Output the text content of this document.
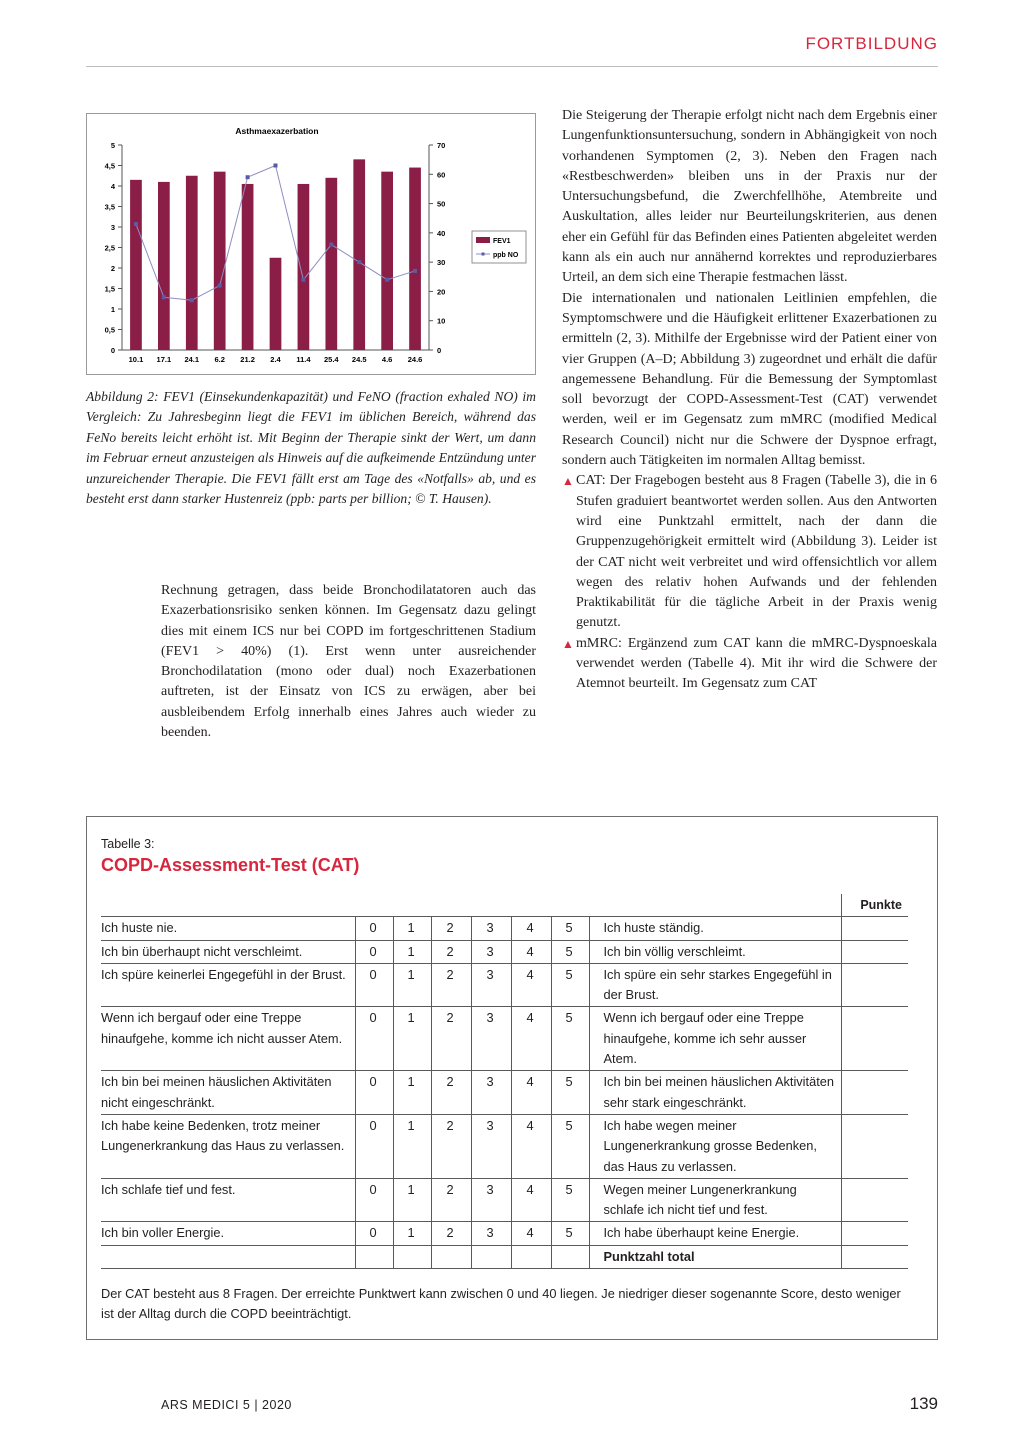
FORTBILDUNG
Asthmaexazerbation
0
0,5
1
1,5
2
2,5
3
3,5
4
4,5
5
0
10
20
30
40
50
60
70
10.1 17.1 24.1 6.2 21.2 2.4 11.4 25.4 24.5 4.6 24.6
FEV1
ppb NO

Abbildung 2: FEV1 (Einsekundenkapazität) und FeNO (fraction exhaled NO) im Vergleich: Zu Jahresbeginn liegt die FEV1 im üblichen Bereich, während das FeNo bereits leicht erhöht ist. Mit Beginn der Therapie sinkt der Wert, um dann im Februar erneut anzusteigen als Hinweis auf die aufkeimende Entzündung unter unzureichender Therapie. Die FEV1 fällt erst am Tage des «Notfalls» ab, und es besteht erst dann starker Hustenreiz (ppb: parts per billion; © T. Hausen).

Rechnung getragen, dass beide Bronchodilatatoren auch das Exazerbationsrisiko senken können. Im Gegensatz dazu gelingt dies mit einem ICS nur bei COPD im fortgeschrittenen Stadium (FEV1 > 40%) (1). Erst wenn unter ausreichender Bronchodilatation (mono oder dual) noch Exazerbationen auftreten, ist der Einsatz von ICS zu erwägen, aber bei ausbleibendem Erfolg innerhalb eines Jahres auch wieder zu beenden.

Die Steigerung der Therapie erfolgt nicht nach dem Ergebnis einer Lungenfunktionsuntersuchung, sondern in Abhängigkeit von noch vorhandenen Symptomen (2, 3). Neben den Fragen nach «Restbeschwerden» bleiben uns in der Praxis nur der Untersuchungsbefund, die Zwerchfellhöhe, Atembreite und Auskultation, alles leider nur Beurteilungskriterien, aus denen eher ein Gefühl für das Befinden eines Patienten abgeleitet werden kann als ein auch nur annähernd korrektes und reproduzierbares Urteil, an dem sich eine Therapie festmachen lässt.

Die internationalen und nationalen Leitlinien empfehlen, die Symptomschwere und die Häufigkeit erlittener Exazerbationen zu ermitteln (2, 3). Mithilfe der Ergebnisse wird der Patient einer von vier Gruppen (A–D; Abbildung 3) zugeordnet und erhält die dafür angemessene Behandlung. Für die Bemessung der Symptomlast soll bevorzugt der COPD-Assessment-Test (CAT) verwendet werden, weil er im Gegensatz zum mMRC (modified Medical Research Council) nicht nur die Schwere der Dyspnoe erfragt, sondern auch Tätigkeiten im normalen Alltag bemisst.

▲ CAT: Der Fragebogen besteht aus 8 Fragen (Tabelle 3), die in 6 Stufen graduiert beantwortet werden sollen. Aus den Antworten wird eine Punktzahl ermittelt, nach der dann die Gruppenzugehörigkeit ermittelt wird (Abbildung 3). Leider ist der CAT nicht weit verbreitet und wird offensichtlich vor allem wegen des relativ hohen Aufwands und der fehlenden Praktikabilität für die tägliche Arbeit in der Praxis wenig genutzt.

▲ mMRC: Ergänzend zum CAT kann die mMRC-Dyspnoeskala verwendet werden (Tabelle 4). Mit ihr wird die Schwere der Atemnot beurteilt. Im Gegensatz zum CAT

Tabelle 3:
COPD-Assessment-Test (CAT)
								Punkte
Ich huste nie.	0	1	2	3	4	5	Ich huste ständig.	
Ich bin überhaupt nicht verschleimt.	0	1	2	3	4	5	Ich bin völlig verschleimt.	
Ich spüre keinerlei Engegefühl in der Brust.	0	1	2	3	4	5	Ich spüre ein sehr starkes Engegefühl in der Brust.	
Wenn ich bergauf oder eine Treppe hinaufgehe, komme ich nicht ausser Atem.	0	1	2	3	4	5	Wenn ich bergauf oder eine Treppe hinaufgehe, komme ich sehr ausser Atem.	
Ich bin bei meinen häuslichen Aktivitäten nicht eingeschränkt.	0	1	2	3	4	5	Ich bin bei meinen häuslichen Aktivitäten sehr stark eingeschränkt.	
Ich habe keine Bedenken, trotz meiner Lungenerkrankung das Haus zu verlassen.	0	1	2	3	4	5	Ich habe wegen meiner Lungenerkrankung grosse Bedenken, das Haus zu verlassen.	
Ich schlafe tief und fest.	0	1	2	3	4	5	Wegen meiner Lungenerkrankung schlafe ich nicht tief und fest.	
Ich bin voller Energie.	0	1	2	3	4	5	Ich habe überhaupt keine Energie.	
							Punktzahl total	
Der CAT besteht aus 8 Fragen. Der erreichte Punktwert kann zwischen 0 und 40 liegen. Je niedriger dieser sogenannte Score, desto weniger ist der Alltag durch die COPD beeinträchtigt.
ARS MEDICI 5 | 2020	139
